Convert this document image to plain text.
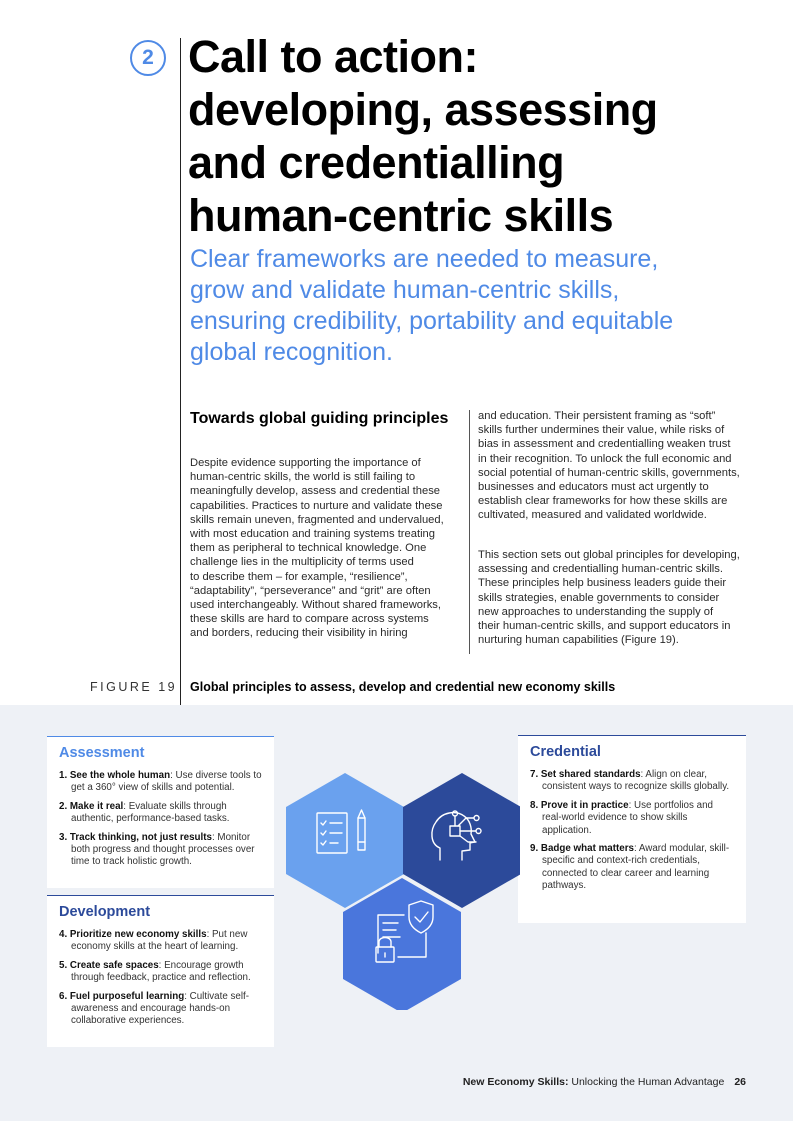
2 Call to action:
developing, assessing
and credentialling
human-centric skills

Clear frameworks are needed to measure,
grow and validate human-centric skills,
ensuring credibility, portability and equitable
global recognition.

Towards global guiding principles

Despite evidence supporting the importance of
human-centric skills, the world is still failing to
meaningfully develop, assess and credential these
capabilities. Practices to nurture and validate these
skills remain uneven, fragmented and undervalued,
with most education and training systems treating
them as peripheral to technical knowledge. One
challenge lies in the multiplicity of terms used
to describe them – for example, “resilience”,
“adaptability”, “perseverance” and “grit” are often
used interchangeably. Without shared frameworks,
these skills are hard to compare across systems
and borders, reducing their visibility in hiring

and education. Their persistent framing as “soft”
skills further undermines their value, while risks of
bias in assessment and credentialling weaken trust
in their recognition. To unlock the full economic and
social potential of human-centric skills, governments,
businesses and educators must act urgently to
establish clear frameworks for how these skills are
cultivated, measured and validated worldwide.

This section sets out global principles for developing,
assessing and credentialling human-centric skills.
These principles help business leaders guide their
skills strategies, enable governments to consider
new approaches to understanding the supply of
their human-centric skills, and support educators in
nurturing human capabilities (Figure 19).

FIGURE 19 Global principles to assess, develop and credential new economy skills
Assessment
1. See the whole human: Use diverse tools to get a 360° view of skills and potential.
2. Make it real: Evaluate skills through authentic, performance-based tasks.
3. Track thinking, not just results: Monitor both progress and thought processes over time to track holistic growth.
Development
4. Prioritize new economy skills: Put new economy skills at the heart of learning.
5. Create safe spaces: Encourage growth through feedback, practice and reflection.
6. Fuel purposeful learning: Cultivate self-awareness and encourage hands-on collaborative experiences.
Credential
7. Set shared standards: Align on clear, consistent ways to recognize skills globally.
8. Prove it in practice: Use portfolios and real-world evidence to show skills application.
9. Badge what matters: Award modular, skill-specific and context-rich credentials, connected to clear career and learning pathways.
New Economy Skills: Unlocking the Human Advantage 26
